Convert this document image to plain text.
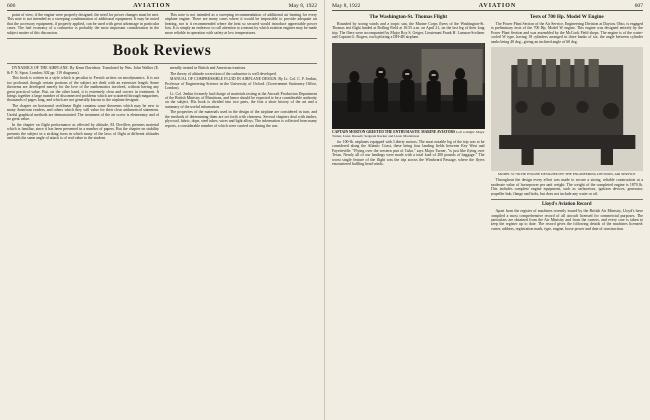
606	AVIATION	May 8, 1922

point of view, if the engine were properly designed, the need for power changes must be met. This note is not intended as a sweeping condemnation of additional equipment. It may be noted that the accessory equipment, if properly applied, can be used with great advantage in particular cases. The fuel economy of a carburetor is probably the most important consideration in the subject matter of this discussion.

This note is not intended as a sweeping recommendation of additional air heating for every airplane engine. There are many cases where it would be impossible to provide adequate air heating, nor is it recommended where the heat so secured would introduce appreciable power loss. It is simply an endeavor to call attention to a means by which aviation engines may be made more reliable in operation with safety at low temperatures.

Book Reviews

DYNAMICS OF THE AIRPLANE. By Kenn Davidson. Translated by Wm. John Walker (E. & F. N. Spon, London; 302 pp. 119 diagrams).

This book is written in a style which is peculiar to French writers on aerodynamics. It is not too profound, though certain portions of the subject are dealt with an extensive length. Some theorems are developed merely for the love of the mathematics involved, without having any great practical value. But, on the other hand, it is extremely clear and correct in treatment. It brings together a large number of disconnected problems which are scattered through magazines, thousands of pages long, and which are not generally known to the airplane designer.

The chapter on horizontal rectilinear flight contains some theorems which may be new to many American readers, and others which they will value for their clear arithmetical statement. Useful graphical methods are demonstrated. The treatment of the air screw is elementary and of no great value.

In the chapter on flight performance as affected by altitude, M. Devillers presents material which is familiar, since it has been presented in a number of papers. But the chapter on stability presents the subject in a striking form in which many of the laws of flight at different altitudes and with the same angle of attack is of real value to the student.

mendly treated in British and American treatises.

The theory of altitude correction of the carburetor is well developed.

MANUAL OF COMPRESSIBLE FLUID IN AIRPLANE DESIGN. By Lt. Col. C. F. Jenkin, Professor of Engineering Science in the University of Oxford. (Government Stationery Office, London).

Lt. Col. Jenkin formerly had charge of materials testing at the Aircraft Production Department of the British Ministry of Munitions, and hence should be expected to be a considerable authority on the subject. His book is divided into two parts, the first a short history of the art and a summary of the useful information.

The properties of the materials used in the design of the airplane are considered in turn, and the methods of determining them are set forth with clearness. Several chapters deal with timber, plywood, fabric, dope, steel tubes, wires and light alloys. The information is collected from many reports, a considerable number of which were carried out during the war.

May 8, 1922	AVIATION	607
The Washington-St. Thomas Flight

Rounded by strong winds and a tropic sun, the Marine Corps flyers of the Washington-St. Thomas test flight landed at Bolling Field at 10:55 a.m. on April 21, on the last leg of their long trip. The fliers were accompanied by Major Roy S. Geiger, Lieutenant Frank H. Lamson-Scribner and Captain G. Rogers, each piloting a DH-4B airplane.

CAPTAIN MORTON GREETED THE ENTHUSIASTIC MARINE AVIATORS Left to Right: Major Turner, Lieut. Russell, Sergeant Rucker and Lieut. Mackinnon

for 100-lb. airplanes equipped with Liberty motors. The most notable leg of the trip was to be considered along the Atlantic Coast, these being four landing fields between Key West and Fayetteville. "Flying over the western part of Cuba," says Major Turner, "is just like flying over Texas. Nearly all of our landings were made with a total load of 200 pounds of baggage." The worst single feature of the flight was the trip across the Windward Passage, where the flyers encountered baffling head winds.

Tests of 700 Hp. Model W Engine

The Power Plant Section of the Air Service, Engineering Division at Dayton, Ohio, is engaged in preliminary tests of the 700 Hp. Model W engine. This engine was designed entirely by the Power Plant Section and was assembled by the McCook Field shops. The engine is of the water-cooled W type, having 18 cylinders arranged in three banks of six, the angle between cylinder banks being 40 deg., giving an inclined angle of 60 deg.

MODEL W 700 HP. ENGINE DESIGNED BY THE ENGINEERING DIVISION, AIR SERVICE

Throughout the design every effort was made to secure a strong, reliable construction at a moderate value of horsepower per unit weight. The weight of the completed engine is 1870 lb. This includes complete engine equipment, such as carburetors, ignition devices, generator, propeller hub, flange and bolts, but does not include any water or oil.

Lloyd's Aviation Record

Apart from the register of machines recently issued by the British Air Ministry, Lloyd's have compiled a most comprehensive record of all aircraft licensed for commercial purposes. The particulars are obtained from the Air Ministry and from the owners, and every care is taken to keep the register up to date. The record gives the following details of the machines licensed: owner, address, registration mark, type, engine, horse power and date of construction.
